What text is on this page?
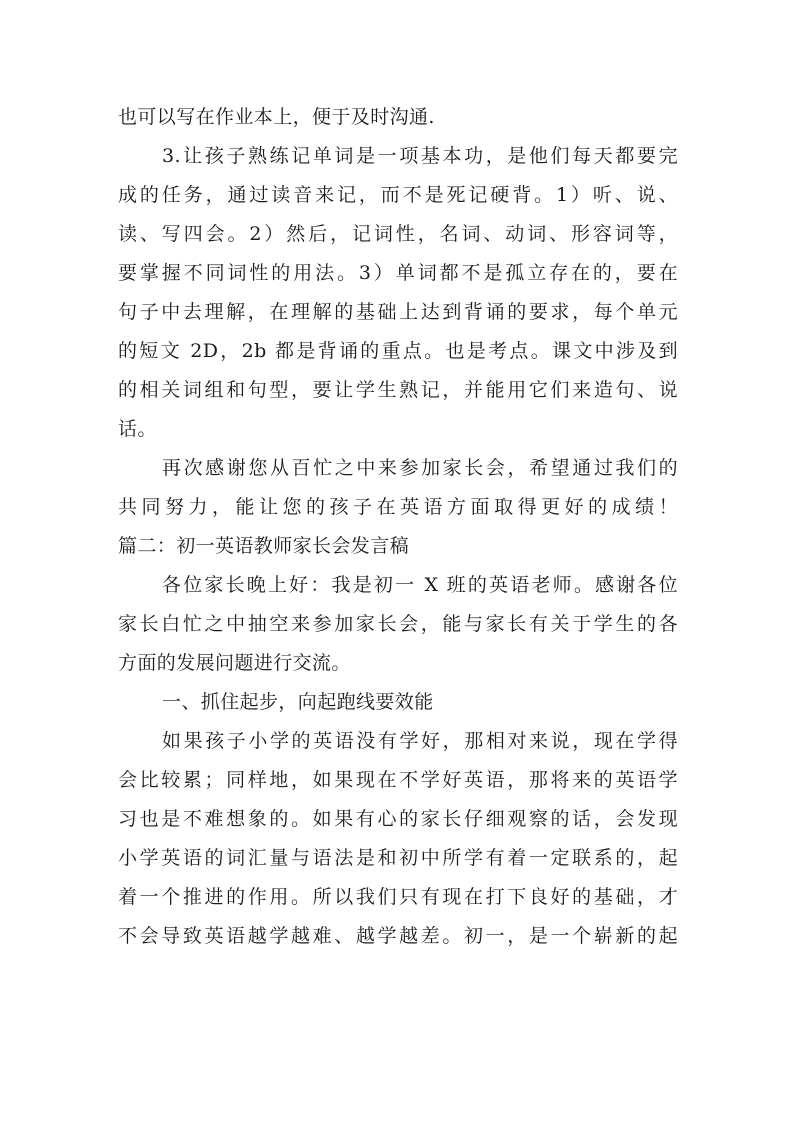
也可以写在作业本上，便于及时沟通.
3.让孩子熟练记单词是一项基本功，是他们每天都要完
成的任务，通过读音来记，而不是死记硬背。1）听、说、
读、写四会。2）然后，记词性，名词、动词、形容词等，
要掌握不同词性的用法。3）单词都不是孤立存在的，要在
句子中去理解，在理解的基础上达到背诵的要求，每个单元
的短文 2D，2b 都是背诵的重点。也是考点。课文中涉及到
的相关词组和句型，要让学生熟记，并能用它们来造句、说
话。
再次感谢您从百忙之中来参加家长会，希望通过我们的
共同努力，能让您的孩子在英语方面取得更好的成绩！
篇二：初一英语教师家长会发言稿
各位家长晚上好：我是初一 X 班的英语老师。感谢各位
家长白忙之中抽空来参加家长会，能与家长有关于学生的各
方面的发展问题进行交流。
一、抓住起步，向起跑线要效能
如果孩子小学的英语没有学好，那相对来说，现在学得
会比较累；同样地，如果现在不学好英语，那将来的英语学
习也是不难想象的。如果有心的家长仔细观察的话，会发现
小学英语的词汇量与语法是和初中所学有着一定联系的，起
着一个推进的作用。所以我们只有现在打下良好的基础，才
不会导致英语越学越难、越学越差。初一，是一个崭新的起
